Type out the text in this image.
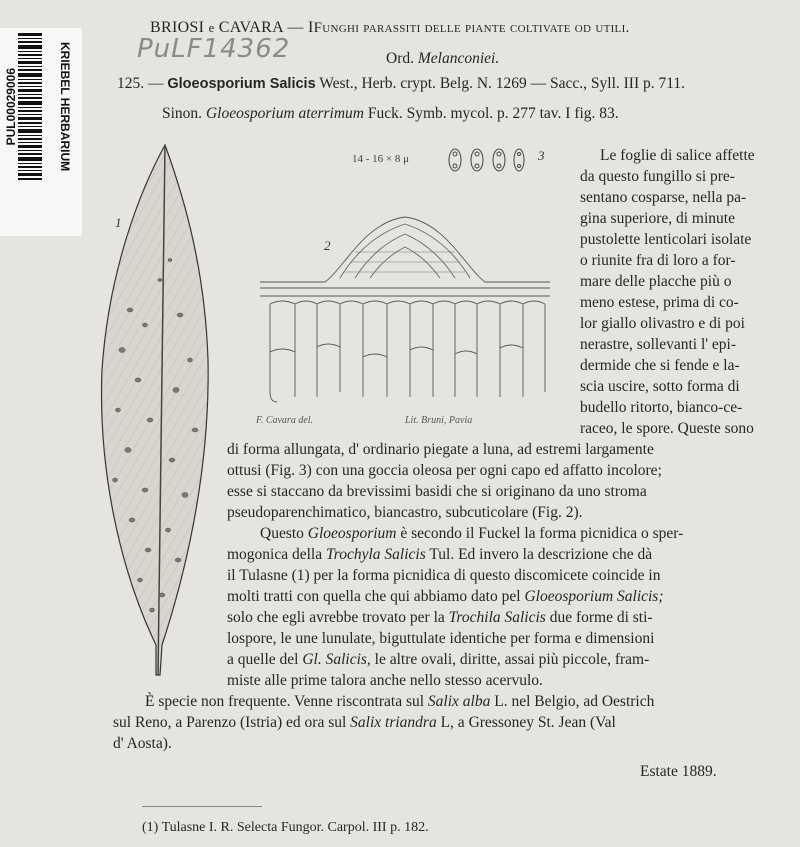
PUL00029006	KRIEBEL HERBARIUM	PuLF14362
BRIOSI e CAVARA — IFunghi parassiti delle piante coltivate od utili.
Ord. Melanconiei.
125. — Gloeosporium Salicis West., Herb. crypt. Belg. N. 1269 — Sacc., Syll. III p. 711.
Sinon. Gloeosporium aterrimum Fuck. Symb. mycol. p. 277 tav. I fig. 83.
1
14 - 16 × 8 μ	3
2
F. Cavara del.	Lit. Bruni, Pavia
Le foglie di salice affette
da questo fungillo si pre-
sentano cosparse, nella pa-
gina superiore, di minute
pustolette lenticolari isolate
o riunite fra di loro a for-
mare delle placche più o
meno estese, prima di co-
lor giallo olivastro e di poi
nerastre, sollevanti l' epi-
dermide che si fende e la-
scia uscire, sotto forma di
budello ritorto, bianco-ce-
raceo, le spore. Queste sono
di forma allungata, d' ordinario piegate a luna, ad estremi largamente
ottusi (Fig. 3) con una goccia oleosa per ogni capo ed affatto incolore;
esse si staccano da brevissimi basidi che si originano da uno stroma
pseudoparenchimatico, biancastro, subcuticolare (Fig. 2).
Questo Gloeosporium è secondo il Fuckel la forma picnidica o sper-
mogonica della Trochyla Salicis Tul. Ed invero la descrizione che dà
il Tulasne (1) per la forma picnidica di questo discomicete coincide in
molti tratti con quella che qui abbiamo dato pel Gloeosporium Salicis;
solo che egli avrebbe trovato per la Trochila Salicis due forme di sti-
lospore, le une lunulate, biguttulate identiche per forma e dimensioni
a quelle del Gl. Salicis, le altre ovali, diritte, assai più piccole, fram-
miste alle prime talora anche nello stesso acervulo.
È specie non frequente. Venne riscontrata sul Salix alba L. nel Belgio, ad Oestrich
sul Reno, a Parenzo (Istria) ed ora sul Salix triandra L, a Gressoney St. Jean (Val
d' Aosta).
Estate 1889.
(1) Tulasne I. R. Selecta Fungor. Carpol. III p. 182.
